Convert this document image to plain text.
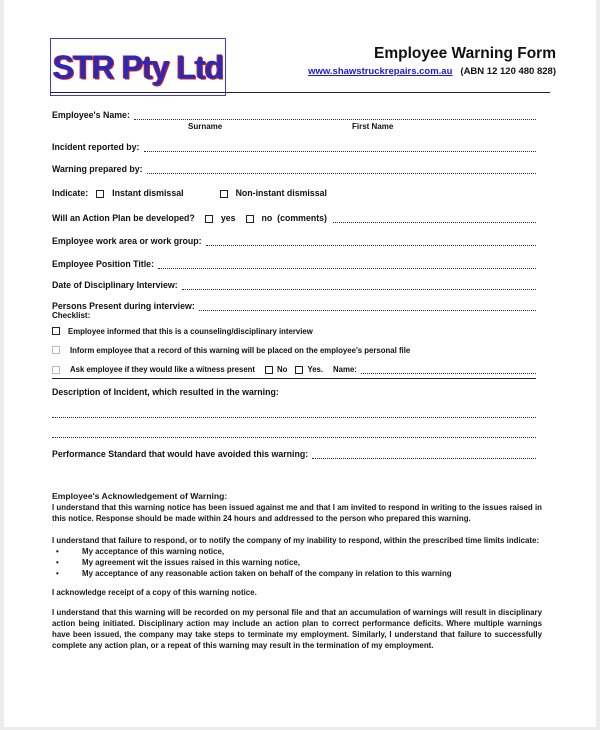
STR Pty Ltd	Employee Warning Form
www.shawstruckrepairs.com.au (ABN 12 120 480 828)
Employee's Name:
Surname	First Name
Incident reported by:
Warning prepared by:
Indicate:	Instant dismissal	Non-instant dismissal
Will an Action Plan be developed?	yes	no  (comments)
Employee work area or work group:
Employee Position Title:
Date of Disciplinary Interview:
Persons Present during interview:
Checklist:
Employee informed that this is a counseling/disciplinary interview
Inform employee that a record of this warning will be placed on the employee's personal file
Ask employee if they would like a witness present	No	Yes. Name:
Description of Incident, which resulted in the warning:
Performance Standard that would have avoided this warning:
Employee's Acknowledgement of Warning:
I understand that this warning notice has been issued against me and that I am invited to respond in writing to the issues raised in this notice. Response should be made within 24 hours and addressed to the person who prepared this warning.
I understand that failure to respond, or to notify the company of my inability to respond, within the prescribed time limits indicate:
•	My acceptance of this warning notice,
•	My agreement wit the issues raised in this warning notice,
•	My acceptance of any reasonable action taken on behalf of the company in relation to this warning
I acknowledge receipt of a copy of this warning notice.
I understand that this warning will be recorded on my personal file and that an accumulation of warnings will result in disciplinary action being initiated. Disciplinary action may include an action plan to correct performance deficits. Where multiple warnings have been issued, the company may take steps to terminate my employment. Similarly, I understand that failure to successfully complete any action plan, or a repeat of this warning may result in the termination of my employment.
